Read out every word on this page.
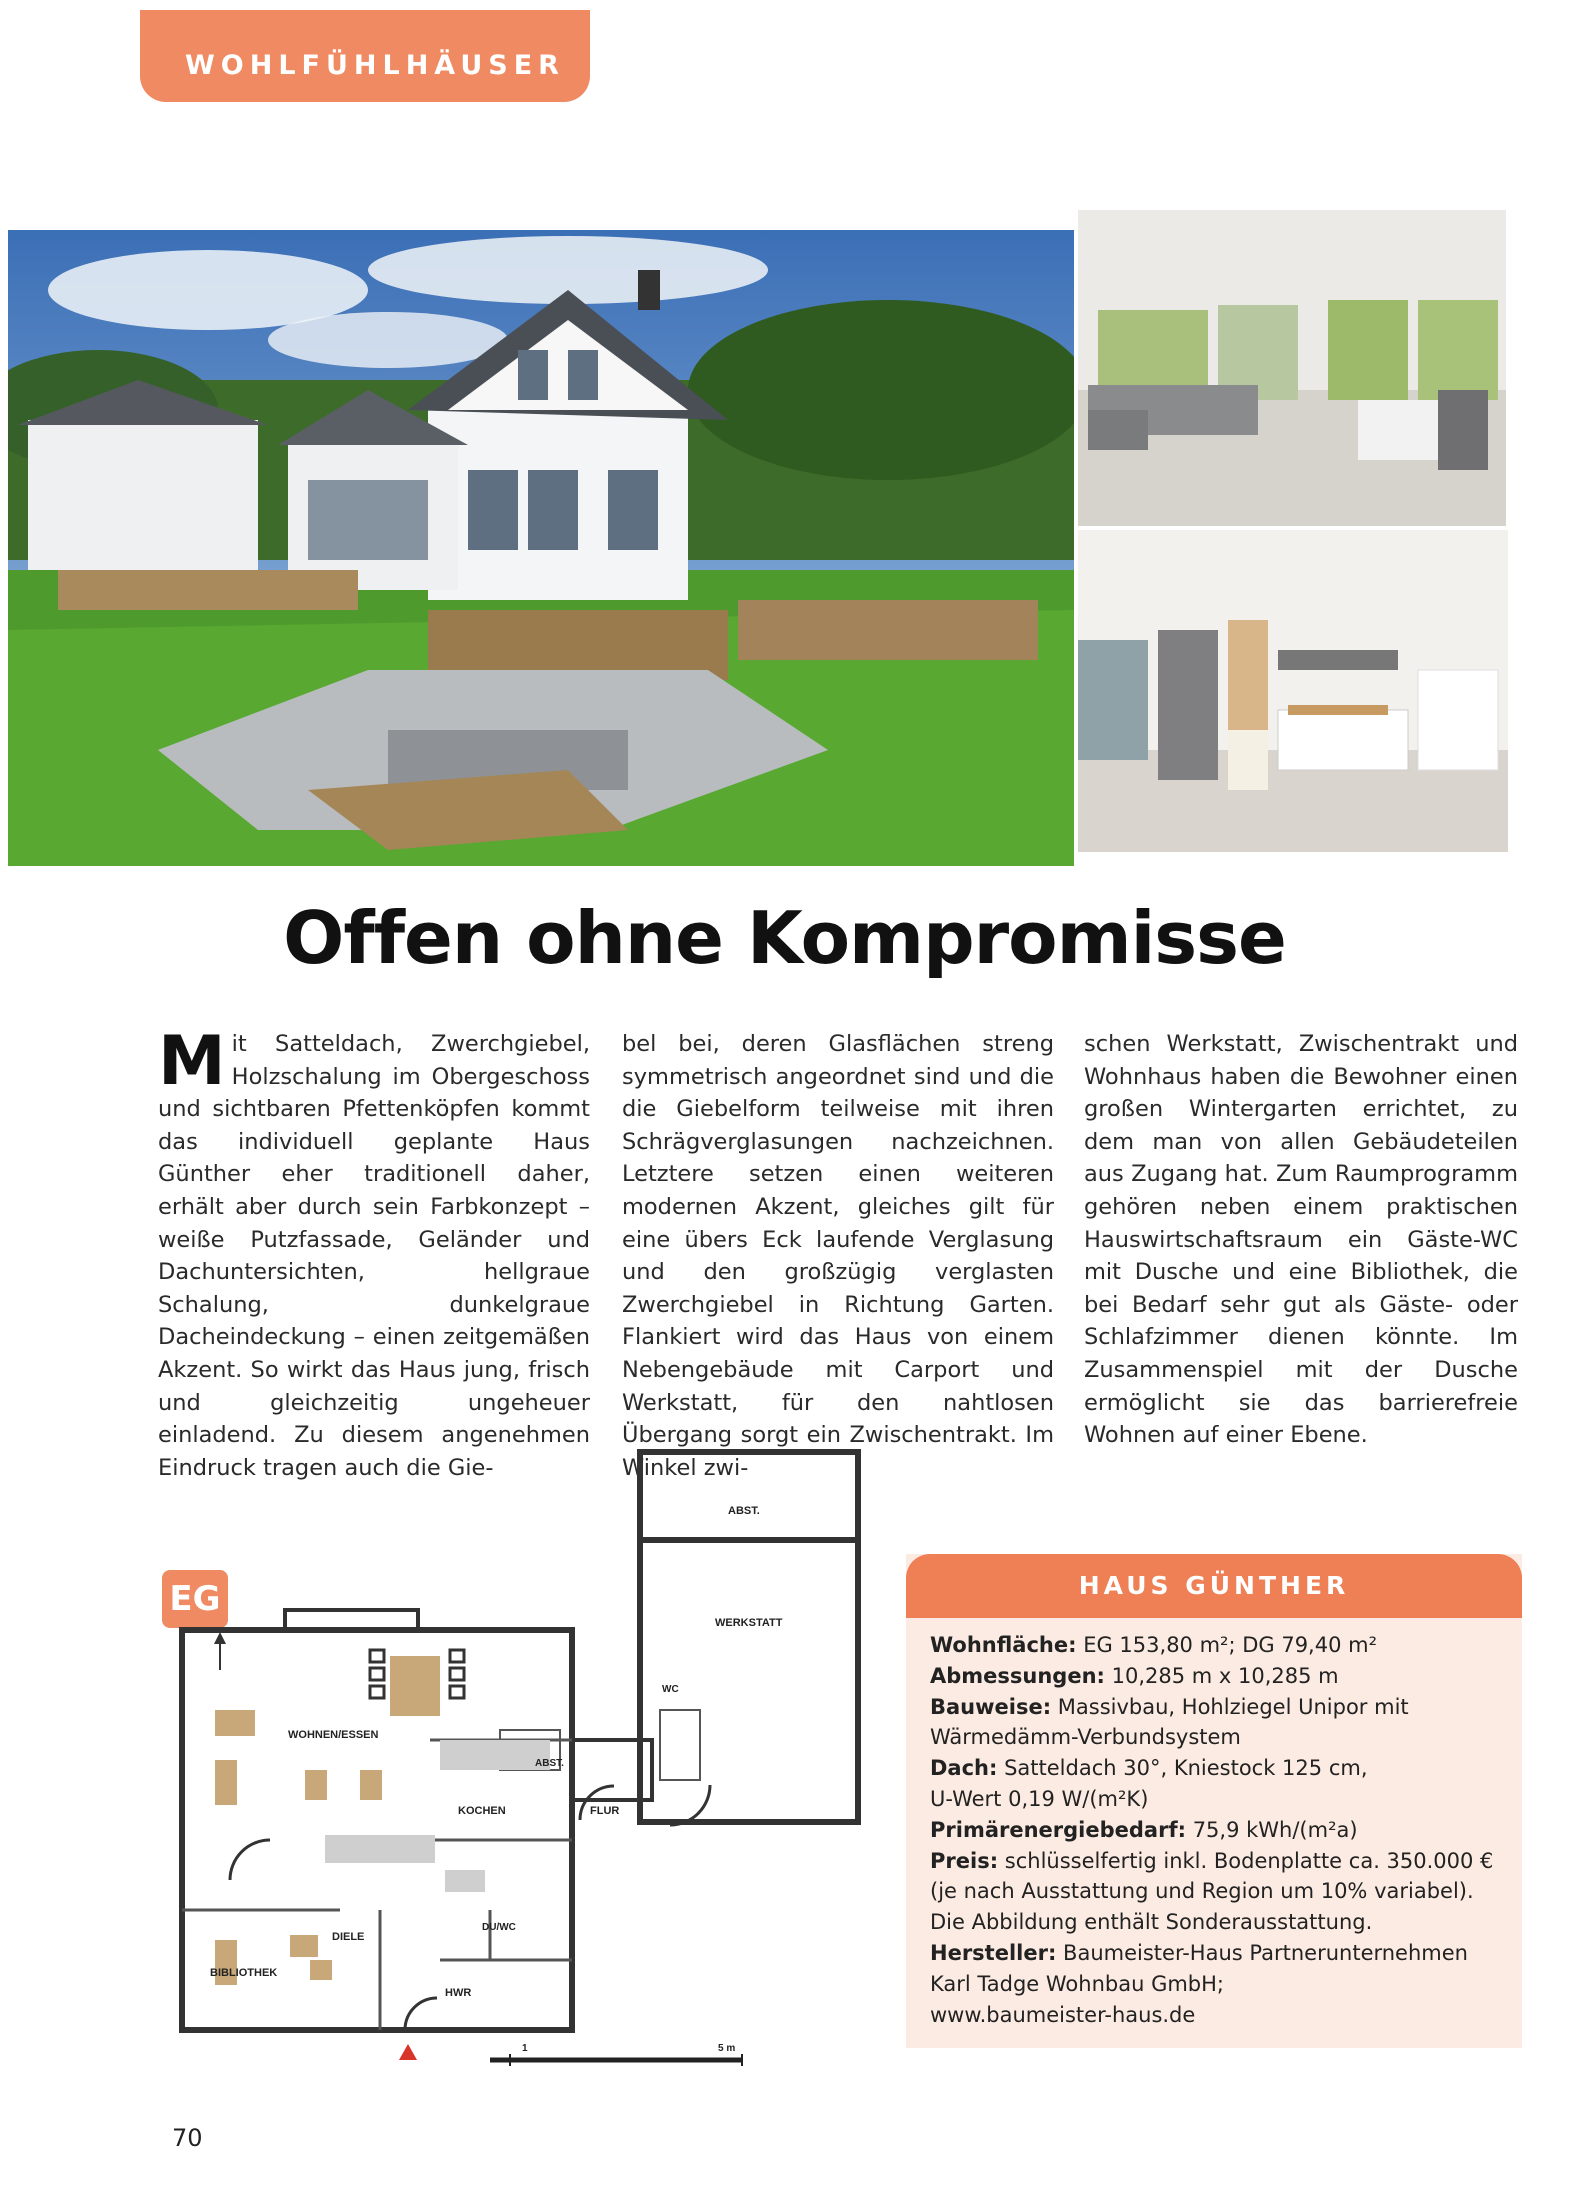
WOHLFÜHLHÄUSER
Offen ohne Kompromisse

Mit Satteldach, Zwerchgiebel, Holzschalung im Obergeschoss und sichtbaren Pfettenköpfen kommt das individuell geplante Haus Günther eher traditionell daher, erhält aber durch sein Farbkonzept – weiße Putzfassade, Geländer und Dachuntersichten, hellgraue Schalung, dunkelgraue Dacheindeckung – einen zeitgemäßen Akzent. So wirkt das Haus jung, frisch und gleichzeitig ungeheuer einladend. Zu diesem angenehmen Eindruck tragen auch die Gie-

bel bei, deren Glasflächen streng symmetrisch angeordnet sind und die die Giebelform teilweise mit ihren Schrägverglasungen nachzeichnen. Letztere setzen einen weiteren modernen Akzent, gleiches gilt für eine übers Eck laufende Verglasung und den großzügig verglasten Zwerchgiebel in Richtung Garten. Flankiert wird das Haus von einem Nebengebäude mit Carport und Werkstatt, für den nahtlosen Übergang sorgt ein Zwischentrakt. Im Winkel zwi-

schen Werkstatt, Zwischentrakt und Wohnhaus haben die Bewohner einen großen Wintergarten errichtet, zu dem man von allen Gebäudeteilen aus Zugang hat. Zum Raumprogramm gehören neben einem praktischen Hauswirtschaftsraum ein Gäste-WC mit Dusche und eine Bibliothek, die bei Bedarf sehr gut als Gäste- oder Schlafzimmer dienen könnte. Im Zusammenspiel mit der Dusche ermöglicht sie das barrierefreie Wohnen auf einer Ebene.

EG
ABST.
WERKSTATT
WC
WOHNEN/ESSEN
ABST.
KOCHEN	FLUR
DIELE
DU/WC
BIBLIOTHEK
HWR
1	5 m
HAUS GÜNTHER

Wohnfläche: EG 153,80 m²; DG 79,40 m²

Abmessungen: 10,285 m x 10,285 m

Bauweise: Massivbau, Hohlziegel Unipor mit

Wärmedämm-Verbundsystem

Dach: Satteldach 30°, Kniestock 125 cm,

U-Wert 0,19 W/(m²K)

Primärenergiebedarf: 75,9 kWh/(m²a)

Preis: schlüsselfertig inkl. Bodenplatte ca. 350.000 €

(je nach Ausstattung und Region um 10% variabel).

Die Abbildung enthält Sonderausstattung.

Hersteller: Baumeister-Haus Partnerunternehmen

Karl Tadge Wohnbau GmbH;

www.baumeister-haus.de

70
